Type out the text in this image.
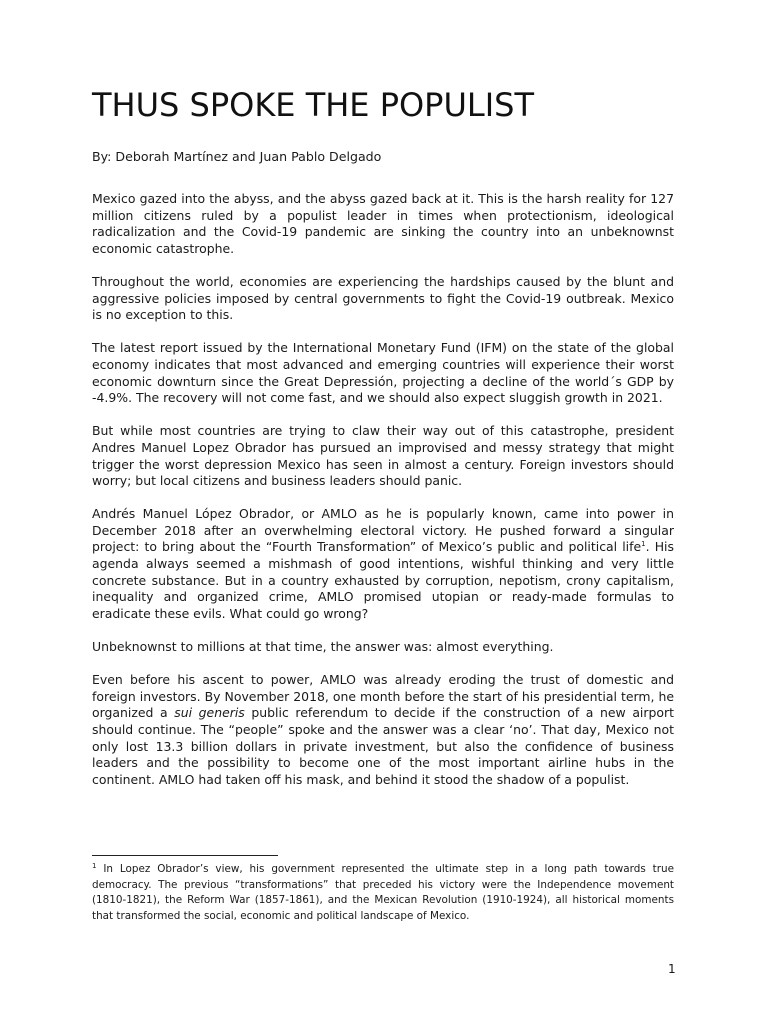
THUS SPOKE THE POPULIST

By: Deborah Martínez and Juan Pablo Delgado

Mexico gazed into the abyss, and the abyss gazed back at it. This is the harsh reality for 127 million citizens ruled by a populist leader in times when protectionism, ideological radicalization and the Covid-19 pandemic are sinking the country into an unbeknownst economic catastrophe.

Throughout the world, economies are experiencing the hardships caused by the blunt and aggressive policies imposed by central governments to fight the Covid-19 outbreak. Mexico is no exception to this.

The latest report issued by the International Monetary Fund (IFM) on the state of the global economy indicates that most advanced and emerging countries will experience their worst economic downturn since the Great Depressión, projecting a decline of the world´s GDP by -4.9%. The recovery will not come fast, and we should also expect sluggish growth in 2021.

But while most countries are trying to claw their way out of this catastrophe, president Andres Manuel Lopez Obrador has pursued an improvised and messy strategy that might trigger the worst depression Mexico has seen in almost a century. Foreign investors should worry; but local citizens and business leaders should panic.

Andrés Manuel López Obrador, or AMLO as he is popularly known, came into power in December 2018 after an overwhelming electoral victory. He pushed forward a singular project: to bring about the “Fourth Transformation” of Mexico’s public and political life$^1$. His agenda always seemed a mishmash of good intentions, wishful thinking and very little concrete substance. But in a country exhausted by corruption, nepotism, crony capitalism, inequality and organized crime, AMLO promised utopian or ready-made formulas to eradicate these evils. What could go wrong?

Unbeknownst to millions at that time, the answer was: almost everything.

Even before his ascent to power, AMLO was already eroding the trust of domestic and foreign investors. By November 2018, one month before the start of his presidential term, he organized a sui generis public referendum to decide if the construction of a new airport should continue. The “people” spoke and the answer was a clear ‘no’. That day, Mexico not only lost 13.3 billion dollars in private investment, but also the confidence of business leaders and the possibility to become one of the most important airline hubs in the continent. AMLO had taken off his mask, and behind it stood the shadow of a populist.

$^1$ In Lopez Obrador’s view, his government represented the ultimate step in a long path towards true democracy. The previous “transformations” that preceded his victory were the Independence movement (1810-1821), the Reform War (1857-1861), and the Mexican Revolution (1910-1924), all historical moments that transformed the social, economic and political landscape of Mexico.

1
